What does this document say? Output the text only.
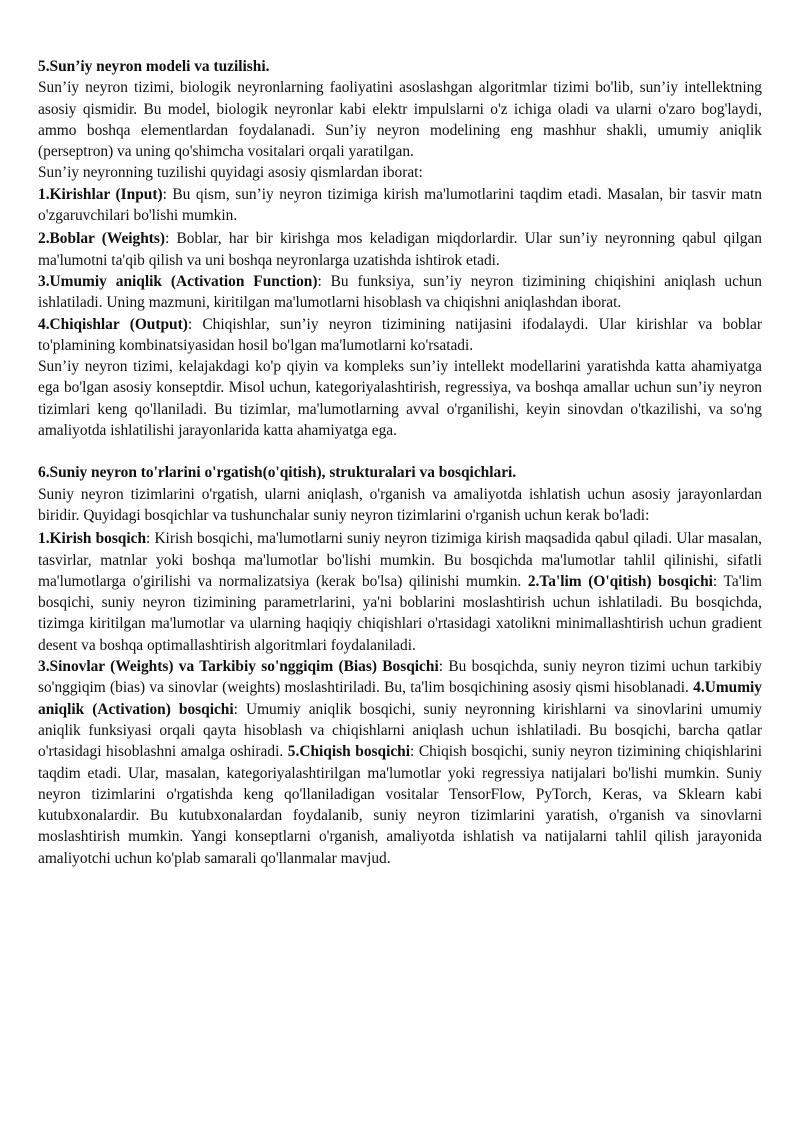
5.Sun’iy neyron modeli va tuzilishi.

Sun’iy neyron tizimi, biologik neyronlarning faoliyatini asoslashgan algoritmlar tizimi bo'lib, sun’iy intellektning asosiy qismidir. Bu model, biologik neyronlar kabi elektr impulslarni o'z ichiga oladi va ularni o'zaro bog'laydi, ammo boshqa elementlardan foydalanadi. Sun’iy neyron modelining eng mashhur shakli, umumiy aniqlik (perseptron) va uning qo'shimcha vositalari orqali yaratilgan.

Sun’iy neyronning tuzilishi quyidagi asosiy qismlardan iborat:

1.Kirishlar (Input): Bu qism, sun’iy neyron tizimiga kirish ma'lumotlarini taqdim etadi. Masalan, bir tasvir matn o'zgaruvchilari bo'lishi mumkin.

2.Boblar (Weights): Boblar, har bir kirishga mos keladigan miqdorlardir. Ular sun’iy neyronning qabul qilgan ma'lumotni ta'qib qilish va uni boshqa neyronlarga uzatishda ishtirok etadi.

3.Umumiy aniqlik (Activation Function): Bu funksiya, sun’iy neyron tizimining chiqishini aniqlash uchun ishlatiladi. Uning mazmuni, kiritilgan ma'lumotlarni hisoblash va chiqishni aniqlashdan iborat.

4.Chiqishlar (Output): Chiqishlar, sun’iy neyron tizimining natijasini ifodalaydi. Ular kirishlar va boblar to'plamining kombinatsiyasidan hosil bo'lgan ma'lumotlarni ko'rsatadi.

Sun’iy neyron tizimi, kelajakdagi ko'p qiyin va kompleks sun’iy intellekt modellarini yaratishda katta ahamiyatga ega bo'lgan asosiy konseptdir. Misol uchun, kategoriyalashtirish, regressiya, va boshqa amallar uchun sun’iy neyron tizimlari keng qo'llaniladi. Bu tizimlar, ma'lumotlarning avval o'rganilishi, keyin sinovdan o'tkazilishi, va so'ng amaliyotda ishlatilishi jarayonlarida katta ahamiyatga ega.

6.Suniy neyron to'rlarini o'rgatish(o'qitish), strukturalari va bosqichlari.

Suniy neyron tizimlarini o'rgatish, ularni aniqlash, o'rganish va amaliyotda ishlatish uchun asosiy jarayonlardan biridir. Quyidagi bosqichlar va tushunchalar suniy neyron tizimlarini o'rganish uchun kerak bo'ladi:

1.Kirish bosqich: Kirish bosqichi, ma'lumotlarni suniy neyron tizimiga kirish maqsadida qabul qiladi. Ular masalan, tasvirlar, matnlar yoki boshqa ma'lumotlar bo'lishi mumkin. Bu bosqichda ma'lumotlar tahlil qilinishi, sifatli ma'lumotlarga o'girilishi va normalizatsiya (kerak bo'lsa) qilinishi mumkin. 2.Ta'lim (O'qitish) bosqichi: Ta'lim bosqichi, suniy neyron tizimining parametrlarini, ya'ni boblarini moslashtirish uchun ishlatiladi. Bu bosqichda, tizimga kiritilgan ma'lumotlar va ularning haqiqiy chiqishlari o'rtasidagi xatolikni minimallashtirish uchun gradient desent va boshqa optimallashtirish algoritmlari foydalaniladi.

3.Sinovlar (Weights) va Tarkibiy so'nggiqim (Bias) Bosqichi: Bu bosqichda, suniy neyron tizimi uchun tarkibiy so'nggiqim (bias) va sinovlar (weights) moslashtiriladi. Bu, ta'lim bosqichining asosiy qismi hisoblanadi. 4.Umumiy aniqlik (Activation) bosqichi: Umumiy aniqlik bosqichi, suniy neyronning kirishlarni va sinovlarini umumiy aniqlik funksiyasi orqali qayta hisoblash va chiqishlarni aniqlash uchun ishlatiladi. Bu bosqichi, barcha qatlar o'rtasidagi hisoblashni amalga oshiradi. 5.Chiqish bosqichi: Chiqish bosqichi, suniy neyron tizimining chiqishlarini taqdim etadi. Ular, masalan, kategoriyalashtirilgan ma'lumotlar yoki regressiya natijalari bo'lishi mumkin. Suniy neyron tizimlarini o'rgatishda keng qo'llaniladigan vositalar TensorFlow, PyTorch, Keras, va Sklearn kabi kutubxonalardir. Bu kutubxonalardan foydalanib, suniy neyron tizimlarini yaratish, o'rganish va sinovlarni moslashtirish mumkin. Yangi konseptlarni o'rganish, amaliyotda ishlatish va natijalarni tahlil qilish jarayonida amaliyotchi uchun ko'plab samarali qo'llanmalar mavjud.
